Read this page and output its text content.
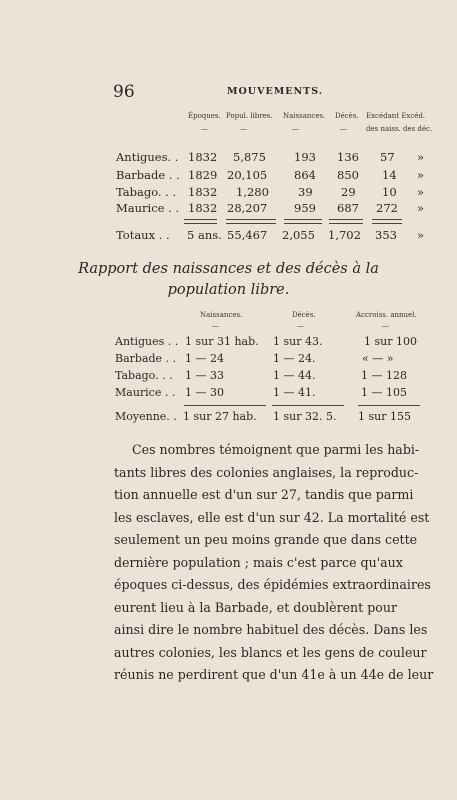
96	MOUVEMENTS.
Époques. Popul. libres. Naissances. Décès. Excédant Excéd.
des naiss. des déc.
—	—	—	—
Antigues. . 1832 5,875 193 136 57 »
Barbade . . 1829 20,105 864 850 14 »
Tabago. . . 1832 1,280	39 29 10 »
Maurice . . 1832 28,207 959 687 272 »
Totaux . . 5 ans. 55,467 2,055 1,702 353 »
Rapport des naissances et des décès à la
population libre.
Naissances.	Décès.	Accroiss. annuel.
—	—	—
Antigues . . 1 sur 31 hab. 1 sur 43.	1 sur 100
Barbade . . 1 — 24	1 — 24.	« — »
Tabago. . . 1 — 33	1 — 44.	1 — 128
Maurice . . 1 — 30	1 — 41.	1 — 105
Moyenne. . 1 sur 27 hab. 1 sur 32. 5. 1 sur 155
Ces nombres témoignent que parmi les habi-
tants libres des colonies anglaises, la reproduc-
tion annuelle est d'un sur 27, tandis que parmi
les esclaves, elle est d'un sur 42. La mortalité est
seulement un peu moins grande que dans cette
dernière population ; mais c'est parce qu'aux
époques ci-dessus, des épidémies extraordinaires
eurent lieu à la Barbade, et doublèrent pour
ainsi dire le nombre habituel des décès. Dans les
autres colonies, les blancs et les gens de couleur
réunis ne perdirent que d'un 41e à un 44e de leur
